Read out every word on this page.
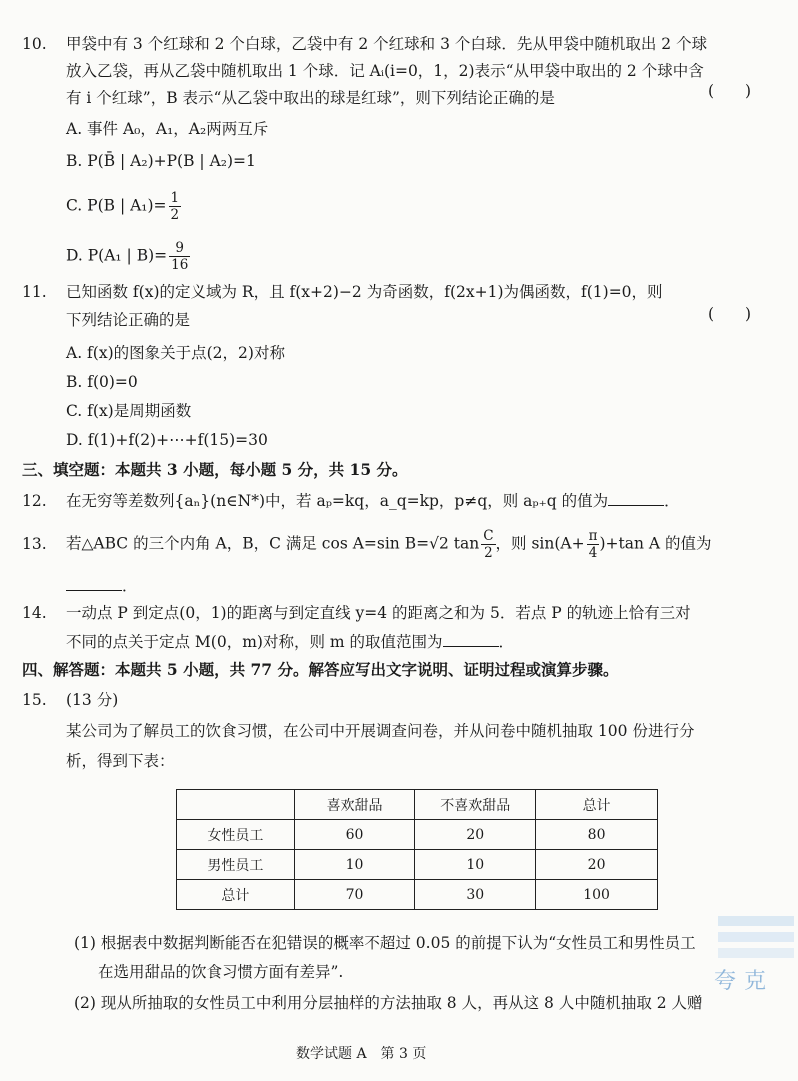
10. 甲袋中有 3 个红球和 2 个白球，乙袋中有 2 个红球和 3 个白球．先从甲袋中随机取出 2 个球
放入乙袋，再从乙袋中随机取出 1 个球．记 Aᵢ(i=0，1，2)表示“从甲袋中取出的 2 个球中含
有 i 个红球”，B 表示“从乙袋中取出的球是红球”，则下列结论正确的是	(　　)
A. 事件 A₀，A₁，A₂两两互斥
B. P(B̄ | A₂)+P(B | A₂)=1
C. P(B | $A_1)= \frac{1}{2}$
D. P(A₁ | $B)= \frac{9}{16}$
11. 已知函数 f(x)的定义域为 R，且 f(x+2)−2 为奇函数，f(2x+1)为偶函数，f(1)=0，则
下列结论正确的是	(　　)
A. f(x)的图象关于点(2，2)对称
B. f(0)=0
C. f(x)是周期函数
D. f(1)+f(2)+⋯+f(15)=30
三、填空题：本题共 3 小题，每小题 5 分，共 15 分。
12. 在无穷等差数列{aₙ}(n∈N*)中，若 aₚ=kq，a_q=kp，p≠q，则 aₚ₊q 的值为	．
13. 若△ABC 的三个内角 A，B，C 满足 cos A=sin B=√2 $\tan \frac{C}{2}$ ，则 $\sin(A+ \frac{\pi}{4} )+\tan$ A 的值为
．
14. 一动点 P 到定点(0，1)的距离与到定直线 y=4 的距离之和为 5．若点 P 的轨迹上恰有三对
不同的点关于定点 M(0，m)对称，则 m 的取值范围为	．
四、解答题：本题共 5 小题，共 77 分。解答应写出文字说明、证明过程或演算步骤。
15. (13 分)
某公司为了解员工的饮食习惯，在公司中开展调查问卷，并从问卷中随机抽取 100 份进行分
析，得到下表：
	喜欢甜品	不喜欢甜品	总计
女性员工	60	20	80
男性员工	10	10	20
总计	70	30	100
(1) 根据表中数据判断能否在犯错误的概率不超过 0.05 的前提下认为“女性员工和男性员工
在选用甜品的饮食习惯方面有差异”.
(2) 现从所抽取的女性员工中利用分层抽样的方法抽取 8 人，再从这 8 人中随机抽取 2 人赠
夸克
数学试题 A　第 3 页
